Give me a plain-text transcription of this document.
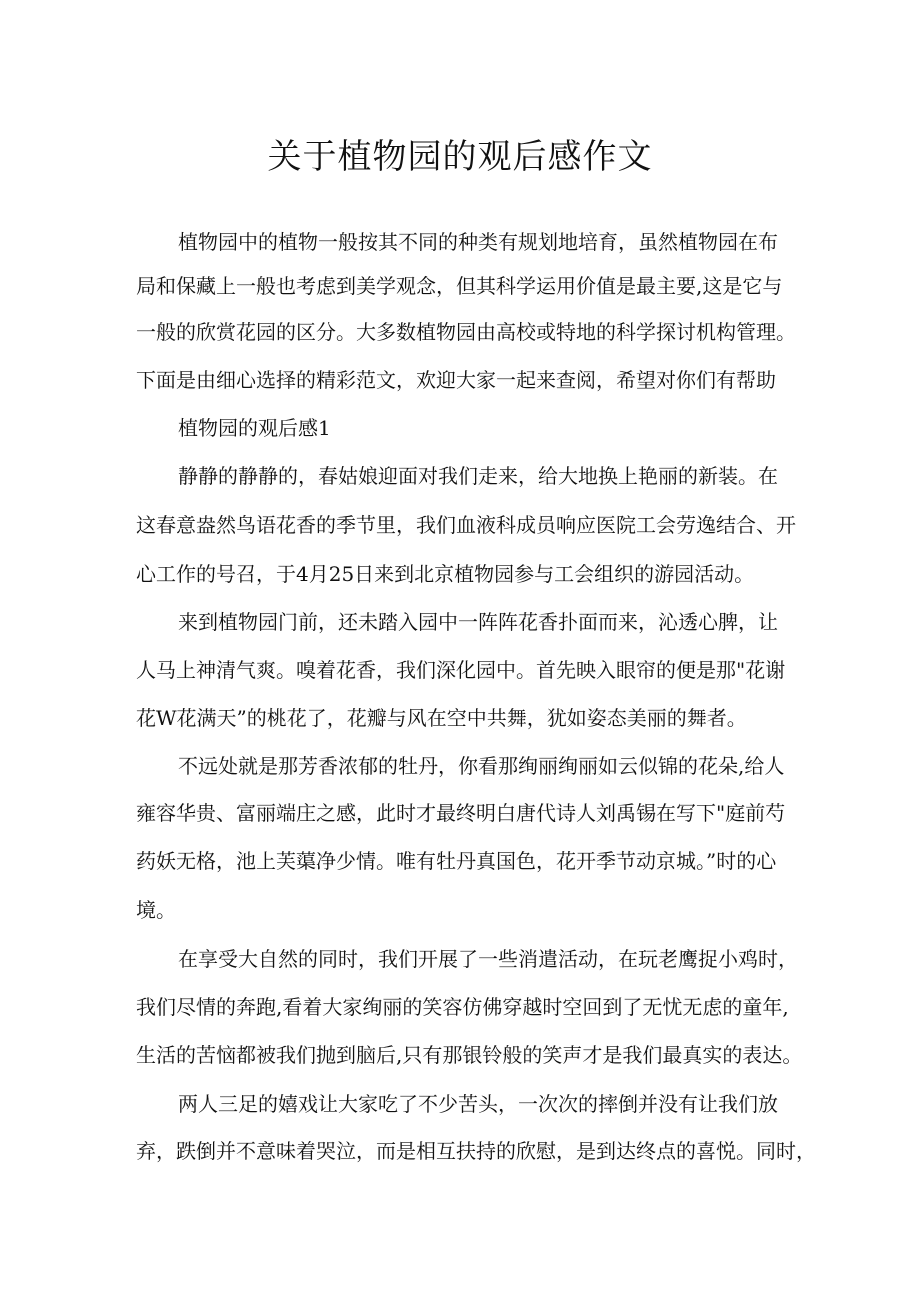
关于植物园的观后感作文

植物园中的植物一般按其不同的种类有规划地培育，虽然植物园在布

局和保藏上一般也考虑到美学观念，但其科学运用价值是最主要,这是它与

一般的欣赏花园的区分。大多数植物园由高校或特地的科学探讨机构管理。

下面是由细心选择的精彩范文，欢迎大家一起来查阅，希望对你们有帮助

植物园的观后感1

静静的静静的，春姑娘迎面对我们走来，给大地换上艳丽的新装。在

这春意盎然鸟语花香的季节里，我们血液科成员响应医院工会劳逸结合、开

心工作的号召，于4月25日来到北京植物园参与工会组织的游园活动。

来到植物园门前，还未踏入园中一阵阵花香扑面而来，沁透心脾，让

人马上神清气爽。嗅着花香，我们深化园中。首先映入眼帘的便是那"花谢

花W花满天”的桃花了，花瓣与风在空中共舞，犹如姿态美丽的舞者。

不远处就是那芳香浓郁的牡丹，你看那绚丽绚丽如云似锦的花朵,给人

雍容华贵、富丽端庄之感，此时才最终明白唐代诗人刘禹锡在写下"庭前芍

药妖无格，池上芙蕖净少情。唯有牡丹真国色，花开季节动京城。”时的心

境。

在享受大自然的同时，我们开展了一些消遣活动，在玩老鹰捉小鸡时，

我们尽情的奔跑,看着大家绚丽的笑容仿佛穿越时空回到了无忧无虑的童年,

生活的苦恼都被我们抛到脑后,只有那银铃般的笑声才是我们最真实的表达。

两人三足的嬉戏让大家吃了不少苦头，一次次的摔倒并没有让我们放

弃，跌倒并不意味着哭泣，而是相互扶持的欣慰，是到达终点的喜悦。同时，
